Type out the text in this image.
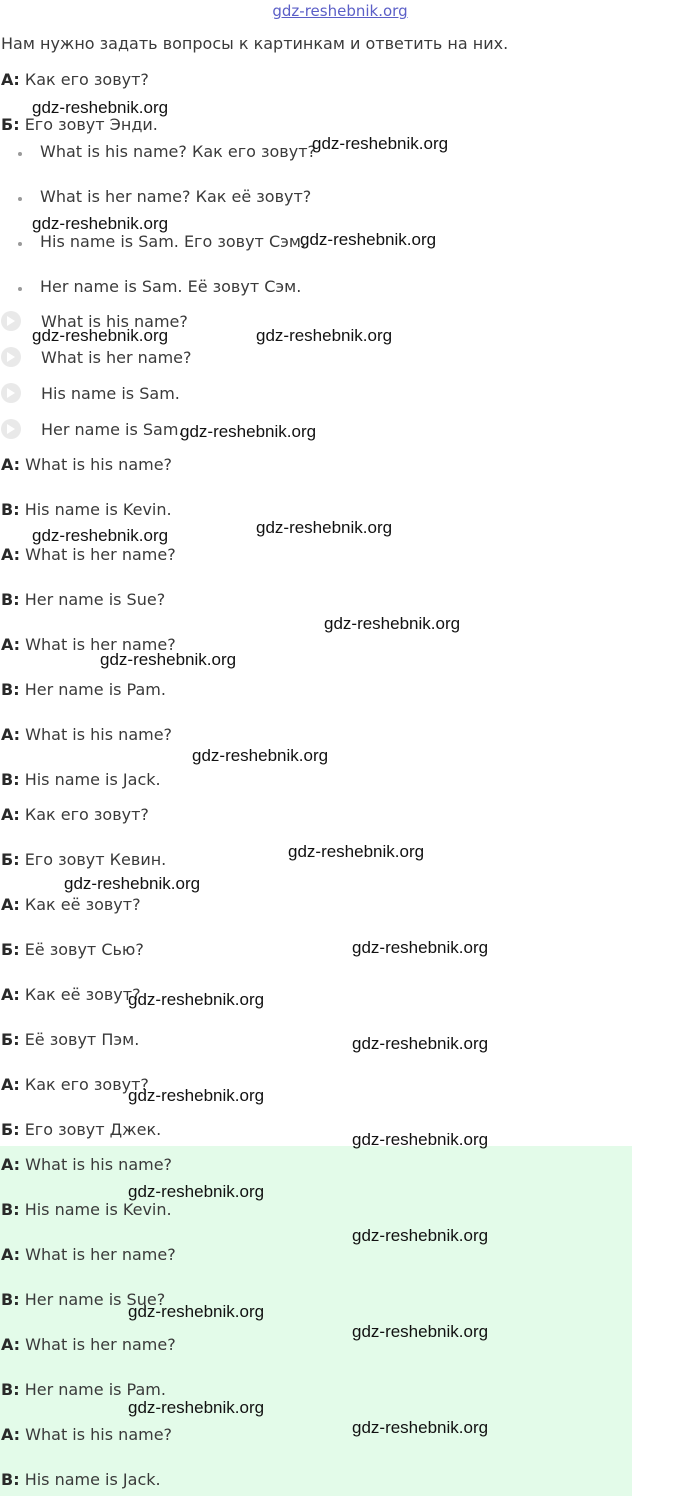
gdz-reshebnik.org
Нам нужно задать вопросы к картинкам и ответить на них.
А: Как его зовут?
Б: Его зовут Энди.
What is his name? Как его зовут?
What is her name? Как её зовут?
His name is Sam. Его зовут Сэм.
Her name is Sam. Её зовут Сэм.
What is his name?
What is her name?
His name is Sam.
Her name is Sam.
A: What is his name?
B: His name is Kevin.
A: What is her name?
B: Her name is Sue?
A: What is her name?
B: Her name is Pam.
A: What is his name?
B: His name is Jack.
А: Как его зовут?
Б: Его зовут Кевин.
А: Как её зовут?
Б: Её зовут Сью?
А: Как её зовут?
Б: Её зовут Пэм.
А: Как его зовут?
Б: Его зовут Джек.
A: What is his name?
B: His name is Kevin.
A: What is her name?
B: Her name is Sue?
A: What is her name?
B: Her name is Pam.
A: What is his name?
B: His name is Jack.
gdz-reshebnik.org
gdz-reshebnik.org
gdz-reshebnik.org
gdz-reshebnik.org
gdz-reshebnik.org	gdz-reshebnik.org
gdz-reshebnik.org
gdz-reshebnik.org
gdz-reshebnik.org
gdz-reshebnik.org
gdz-reshebnik.org
gdz-reshebnik.org
gdz-reshebnik.org
gdz-reshebnik.org
gdz-reshebnik.org
gdz-reshebnik.org
gdz-reshebnik.org
gdz-reshebnik.org
gdz-reshebnik.org
gdz-reshebnik.org
gdz-reshebnik.org
gdz-reshebnik.org
gdz-reshebnik.org
gdz-reshebnik.org
gdz-reshebnik.org
